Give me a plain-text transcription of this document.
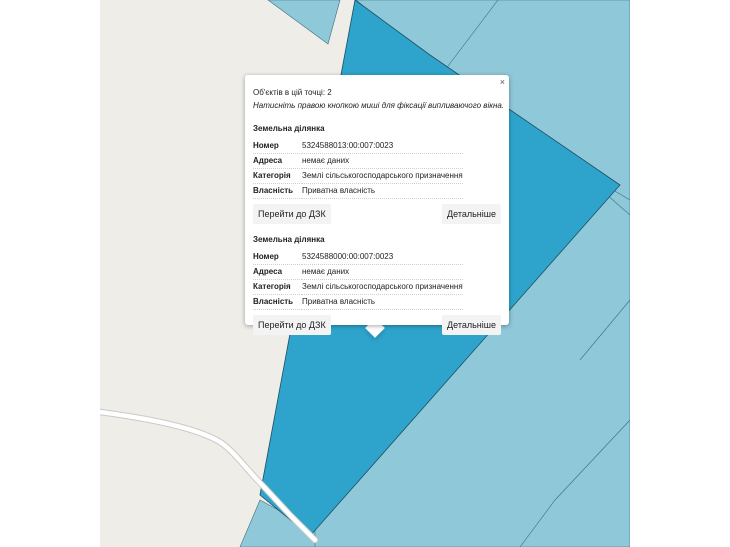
×
Об'єктів в цій точці: 2
Натисніть правою кнопкою миші для фіксації випливаючого вікна.
Земельна ділянка
Номер	5324588013:00:007:0023
Адреса	немає даних
Категорія	Землі сільськогосподарського призначення
Власність	Приватна власність
Перейти до ДЗК	Детальніше
Земельна ділянка
Номер	5324588000:00:007:0023
Адреса	немає даних
Категорія	Землі сільськогосподарського призначення
Власність	Приватна власність
Перейти до ДЗК	Детальніше
